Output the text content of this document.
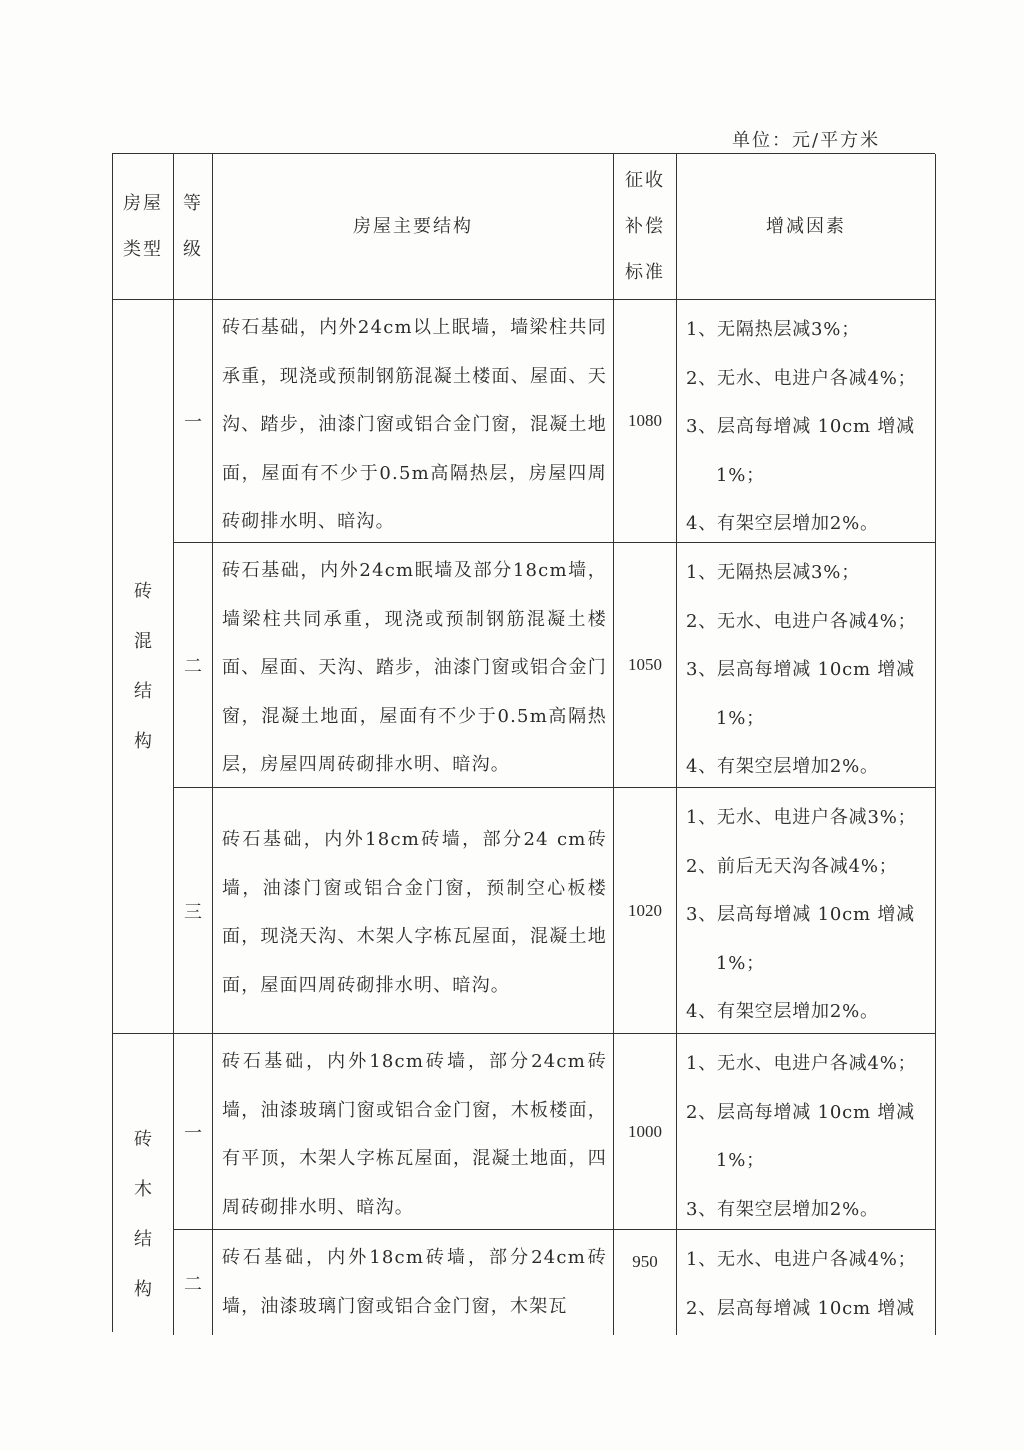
单位：元/平方米
房屋类型
等级
房屋主要结构
征收补偿标准
增减因素
砖混结构
一
砖石基础，内外24cm以上眠墙，墙梁柱共同承重，现浇或预制钢筋混凝土楼面、屋面、天沟、踏步，油漆门窗或铝合金门窗，混凝土地面，屋面有不少于0.5m高隔热层，房屋四周砖砌排水明、暗沟。
1080
1、无隔热层减3%；
2、无水、电进户各减4%；
3、层高每增减 10cm 增减
1%；
4、有架空层增加2%。
二
砖石基础，内外24cm眠墙及部分18cm墙，墙梁柱共同承重，现浇或预制钢筋混凝土楼面、屋面、天沟、踏步，油漆门窗或铝合金门窗，混凝土地面，屋面有不少于0.5m高隔热层，房屋四周砖砌排水明、暗沟。
1050
1、无隔热层减3%；
2、无水、电进户各减4%；
3、层高每增减 10cm 增减
1%；
4、有架空层增加2%。
三
砖石基础，内外18cm砖墙，部分24 cm砖墙，油漆门窗或铝合金门窗，预制空心板楼面，现浇天沟、木架人字栋瓦屋面，混凝土地面，屋面四周砖砌排水明、暗沟。
1020
1、无水、电进户各减3%；
2、前后无天沟各减4%；
3、层高每增减 10cm 增减
1%；
4、有架空层增加2%。
砖木结构
一
砖石基础，内外18cm砖墙，部分24cm砖墙，油漆玻璃门窗或铝合金门窗，木板楼面，有平顶，木架人字栋瓦屋面，混凝土地面，四周砖砌排水明、暗沟。
1000
1、无水、电进户各减4%；
2、层高每增减 10cm 增减
1%；
3、有架空层增加2%。
二
砖石基础，内外18cm砖墙，部分24cm砖墙，油漆玻璃门窗或铝合金门窗，木架瓦
950	1、无水、电进户各减4%；
2、层高每增减 10cm 增减
